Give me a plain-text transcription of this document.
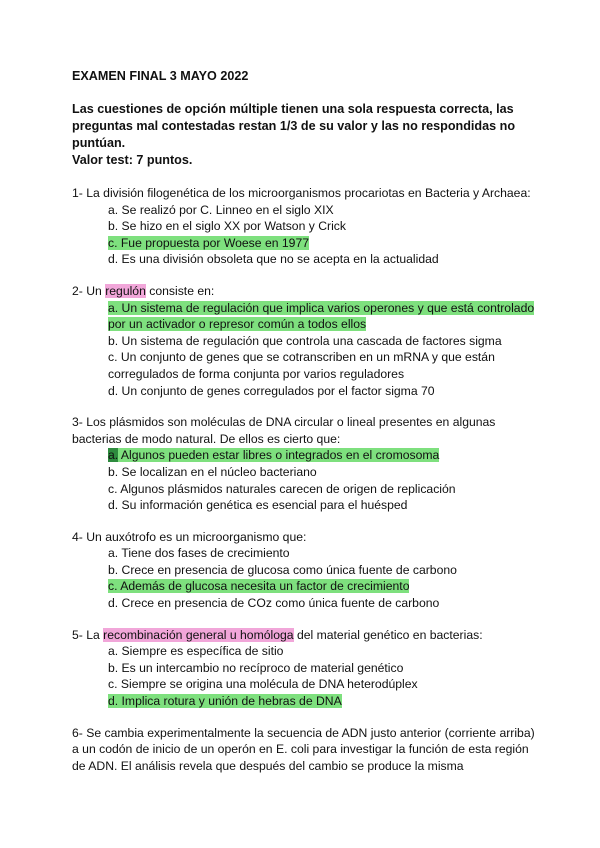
EXAMEN FINAL 3 MAYO 2022

Las cuestiones de opción múltiple tienen una sola respuesta correcta, las preguntas mal contestadas restan 1/3 de su valor y las no respondidas no puntúan.

Valor test: 7 puntos.

1- La división filogenética de los microorganismos procariotas en Bacteria y Archaea:

a. Se realizó por C. Linneo en el siglo XIX
b. Se hizo en el siglo XX por Watson y Crick
c. Fue propuesta por Woese en 1977
d. Es una división obsoleta que no se acepta en la actualidad

2- Un regulón consiste en:

a. Un sistema de regulación que implica varios operones y que está controlado por un activador o represor común a todos ellos
b. Un sistema de regulación que controla una cascada de factores sigma
c. Un conjunto de genes que se cotranscriben en un mRNA y que están corregulados de forma conjunta por varios reguladores
d. Un conjunto de genes corregulados por el factor sigma 70

3- Los plásmidos son moléculas de DNA circular o lineal presentes en algunas bacterias de modo natural. De ellos es cierto que:

a. Algunos pueden estar libres o integrados en el cromosoma
b. Se localizan en el núcleo bacteriano
c. Algunos plásmidos naturales carecen de origen de replicación
d. Su información genética es esencial para el huésped

4- Un auxótrofo es un microorganismo que:

a. Tiene dos fases de crecimiento
b. Crece en presencia de glucosa como única fuente de carbono
c. Además de glucosa necesita un factor de crecimiento
d. Crece en presencia de COz como única fuente de carbono

5- La recombinación general u homóloga del material genético en bacterias:

a. Siempre es específica de sitio
b. Es un intercambio no recíproco de material genético
c. Siempre se origina una molécula de DNA heterodúplex
d. Implica rotura y unión de hebras de DNA

6- Se cambia experimentalmente la secuencia de ADN justo anterior (corriente arriba) a un codón de inicio de un operón en E. coli para investigar la función de esta región de ADN. El análisis revela que después del cambio se produce la misma
